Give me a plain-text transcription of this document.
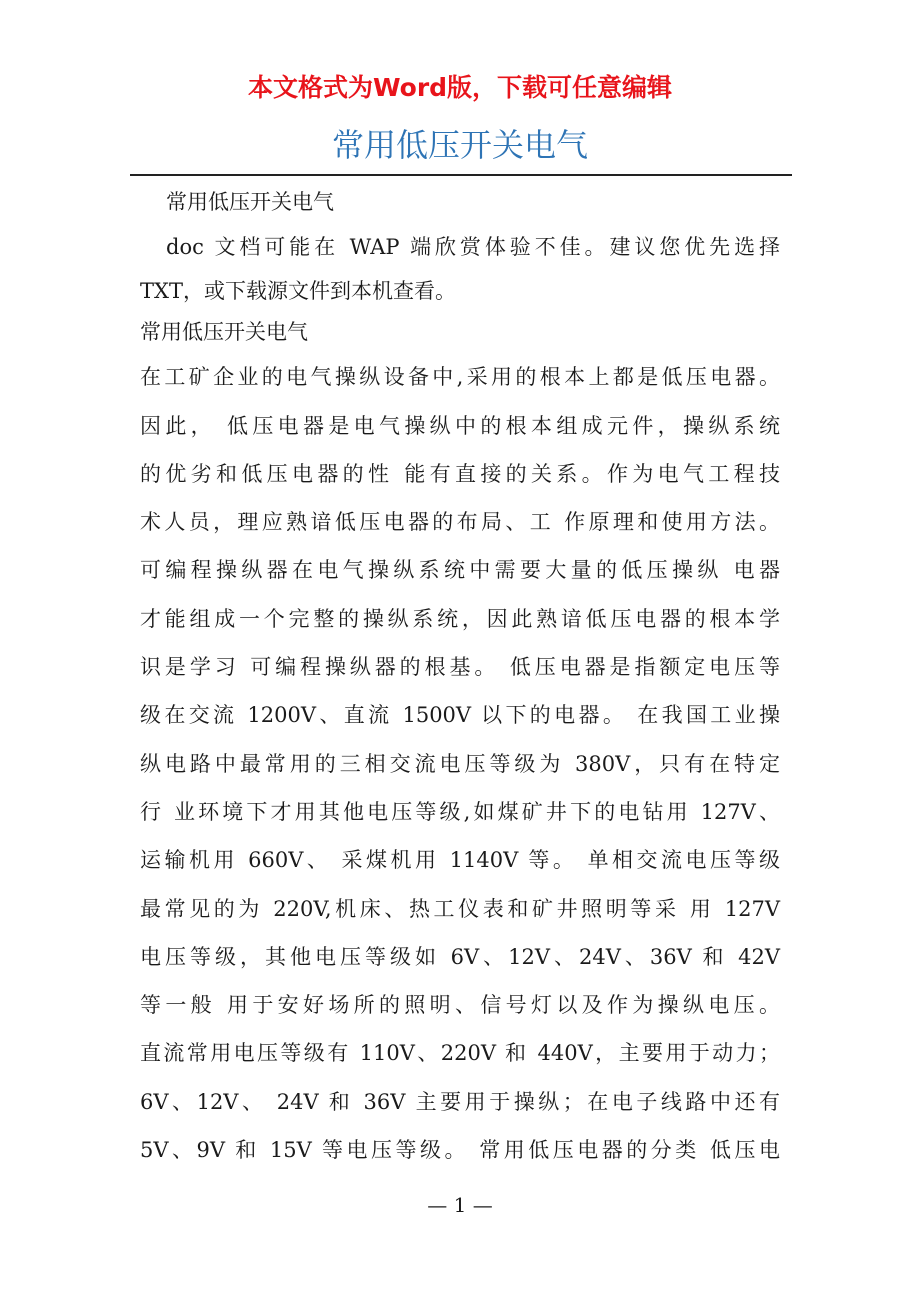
本文格式为Word版，下载可任意编辑

常用低压开关电气

常用低压开关电气

doc 文档可能在 WAP 端欣赏体验不佳。建议您优先选择

TXT，或下载源文件到本机查看。

常用低压开关电气

在工矿企业的电气操纵设备中,采用的根本上都是低压电器。

因此， 低压电器是电气操纵中的根本组成元件，操纵系统

的优劣和低压电器的性 能有直接的关系。作为电气工程技

术人员，理应熟谙低压电器的布局、工 作原理和使用方法。

可编程操纵器在电气操纵系统中需要大量的低压操纵 电器

才能组成一个完整的操纵系统，因此熟谙低压电器的根本学

识是学习 可编程操纵器的根基。 低压电器是指额定电压等

级在交流 1200V、直流 1500V 以下的电器。 在我国工业操

纵电路中最常用的三相交流电压等级为 380V，只有在特定

行 业环境下才用其他电压等级,如煤矿井下的电钻用 127V、

运输机用 660V、 采煤机用 1140V 等。 单相交流电压等级

最常见的为 220V,机床、热工仪表和矿井照明等采 用 127V

电压等级，其他电压等级如 6V、12V、24V、36V 和 42V

等一般 用于安好场所的照明、信号灯以及作为操纵电压。

直流常用电压等级有 110V、220V 和 440V，主要用于动力；

6V、12V、 24V 和 36V 主要用于操纵；在电子线路中还有

5V、9V 和 15V 等电压等级。 常用低压电器的分类 低压电

— 1 —
